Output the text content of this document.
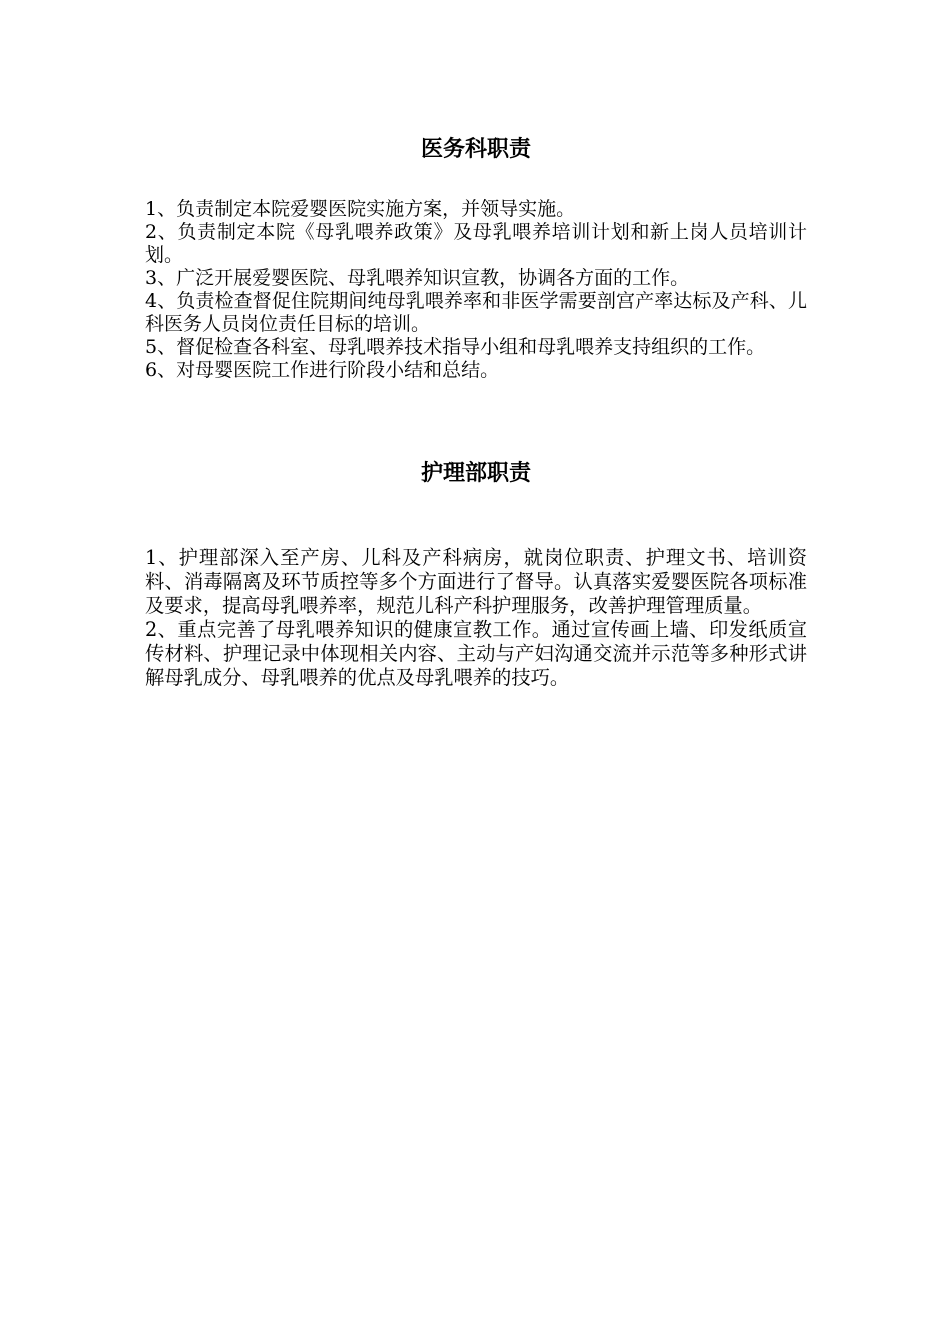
医务科职责
1、负责制定本院爱婴医院实施方案，并领导实施。
2、负责制定本院《母乳喂养政策》及母乳喂养培训计划和新上岗人员培训计划。
3、广泛开展爱婴医院、母乳喂养知识宣教，协调各方面的工作。
4、负责检查督促住院期间纯母乳喂养率和非医学需要剖宫产率达标及产科、儿科医务人员岗位责任目标的培训。
5、督促检查各科室、母乳喂养技术指导小组和母乳喂养支持组织的工作。
6、对母婴医院工作进行阶段小结和总结。
护理部职责
1、护理部深入至产房、儿科及产科病房，就岗位职责、护理文书、培训资料、消毒隔离及环节质控等多个方面进行了督导。认真落实爱婴医院各项标准及要求，提高母乳喂养率，规范儿科产科护理服务，改善护理管理质量。
2、重点完善了母乳喂养知识的健康宣教工作。通过宣传画上墙、印发纸质宣传材料、护理记录中体现相关内容、主动与产妇沟通交流并示范等多种形式讲解母乳成分、母乳喂养的优点及母乳喂养的技巧。
